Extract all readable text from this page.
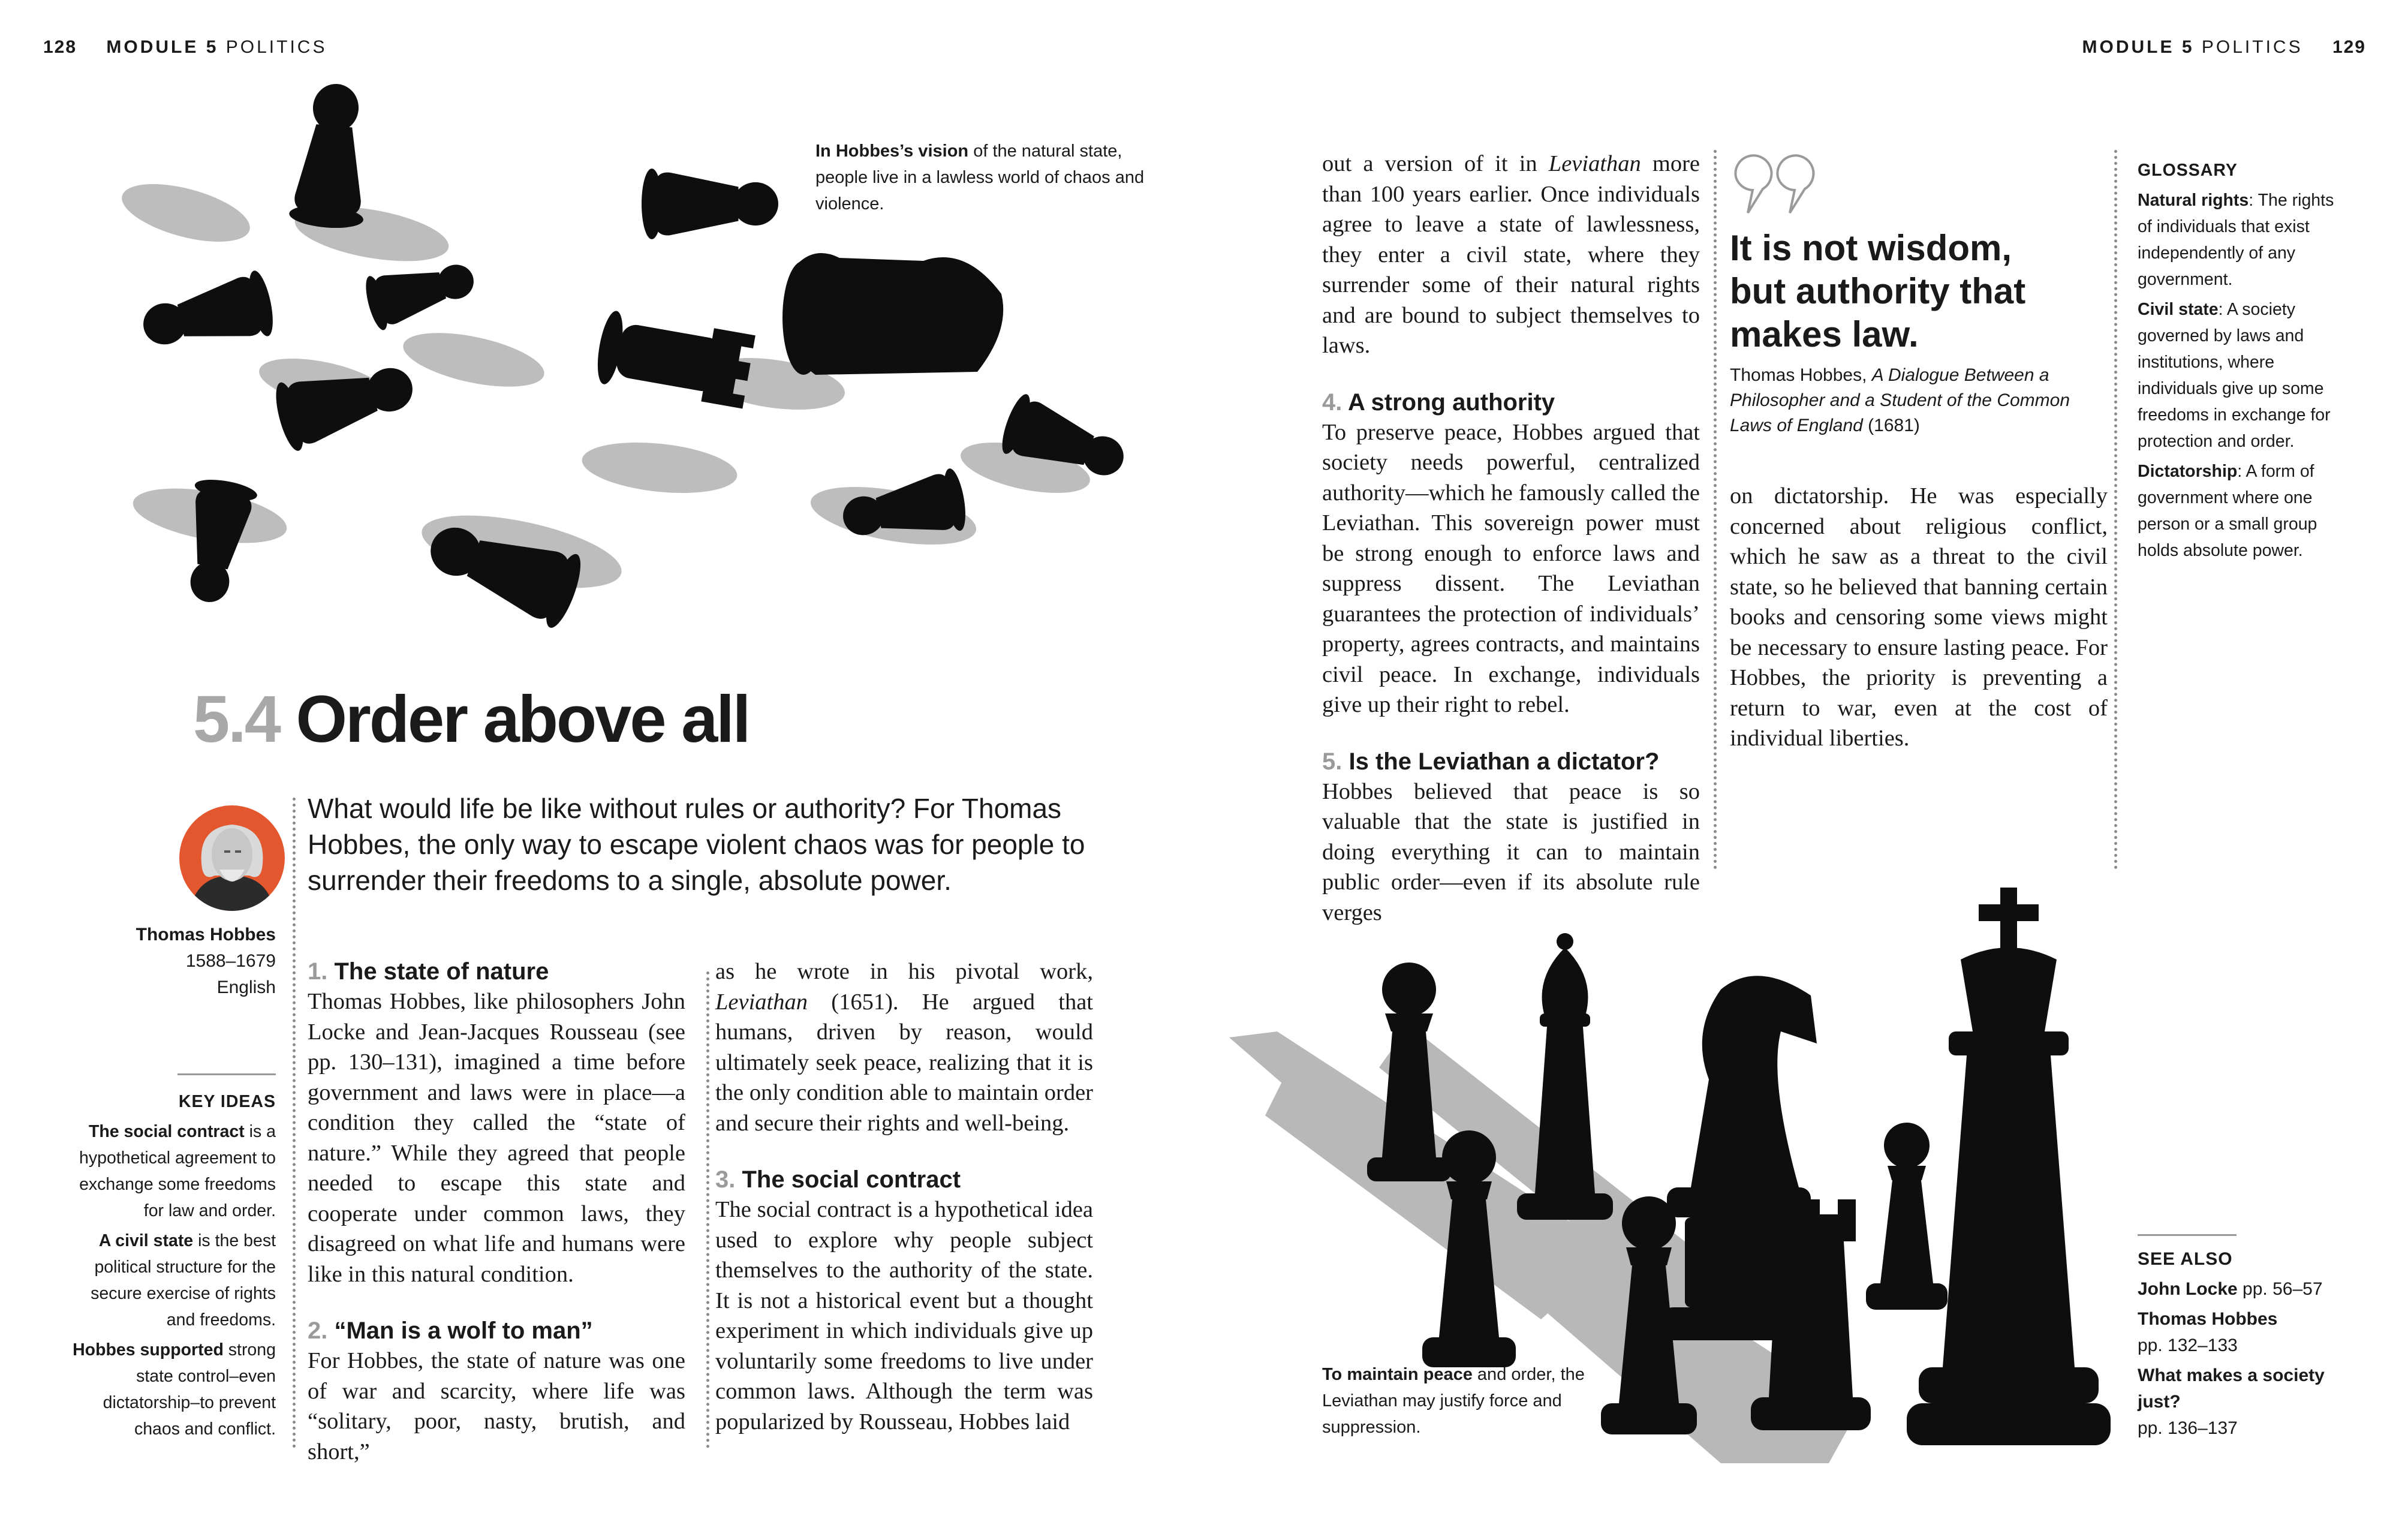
128 MODULE 5 POLITICS	MODULE 5 POLITICS 129
In Hobbes’s vision of the natural state, people live in a lawless world of chaos and violence.
5.4 Order above all
Thomas Hobbes
1588–1679
English

KEY IDEAS

The social contract is a hypothetical agreement to exchange some freedoms for law and order.

A civil state is the best political structure for the secure exercise of rights and freedoms.

Hobbes supported strong state control–even dictatorship–to prevent chaos and conflict.

What would life be like without rules or authority? For Thomas Hobbes, the only way to escape violent chaos was for people to surrender their freedoms to a single, absolute power.

1. The state of nature

Thomas Hobbes, like philosophers John Locke and Jean-Jacques Rousseau (see pp. 130–131), imagined a time before government and laws were in place—a condition they called the “state of nature.” While they agreed that people needed to escape this state and cooperate under common laws, they disagreed on what life and humans were like in this natural condition.

2. “Man is a wolf to man”

For Hobbes, the state of nature was one of war and scarcity, where life was “solitary, poor, nasty, brutish, and short,”

as he wrote in his pivotal work, Leviathan (1651). He argued that humans, driven by reason, would ultimately seek peace, realizing that it is the only condition able to maintain order and secure their rights and well-being.

3. The social contract

The social contract is a hypothetical idea used to explore why people subject themselves to the authority of the state. It is not a historical event but a thought experiment in which individuals give up voluntarily some freedoms to live under common laws. Although the term was popularized by Rousseau, Hobbes laid

out a version of it in Leviathan more than 100 years earlier. Once individuals agree to leave a state of lawlessness, they enter a civil state, where they surrender some of their natural rights and are bound to subject themselves to laws.

4. A strong authority

To preserve peace, Hobbes argued that society needs powerful, centralized authority—which he famously called the Leviathan. This sovereign power must be strong enough to enforce laws and suppress dissent. The Leviathan guarantees the protection of individuals’ property, agrees contracts, and maintains civil peace. In exchange, individuals give up their right to rebel.

5. Is the Leviathan a dictator?

Hobbes believed that peace is so valuable that the state is justified in doing everything it can to maintain public order—even if its absolute rule verges

It is not wisdom, but authority that makes law.
Thomas Hobbes, A Dialogue Between a Philosopher and a Student of the Common Laws of England (1681)

on dictatorship. He was especially concerned about religious conflict, which he saw as a threat to the civil state, so he believed that banning certain books and censoring some views might be necessary to ensure lasting peace. For Hobbes, the priority is preventing a return to war, even at the cost of individual liberties.

GLOSSARY

Natural rights: The rights of individuals that exist independently of any government.

Civil state: A society governed by laws and institutions, where individuals give up some freedoms in exchange for protection and order.

Dictatorship: A form of government where one person or a small group holds absolute power.

To maintain peace and order, the Leviathan may justify force and suppression.

SEE ALSO

John Locke pp. 56–57

Thomas Hobbes
pp. 132–133

What makes a society just?
pp. 136–137
